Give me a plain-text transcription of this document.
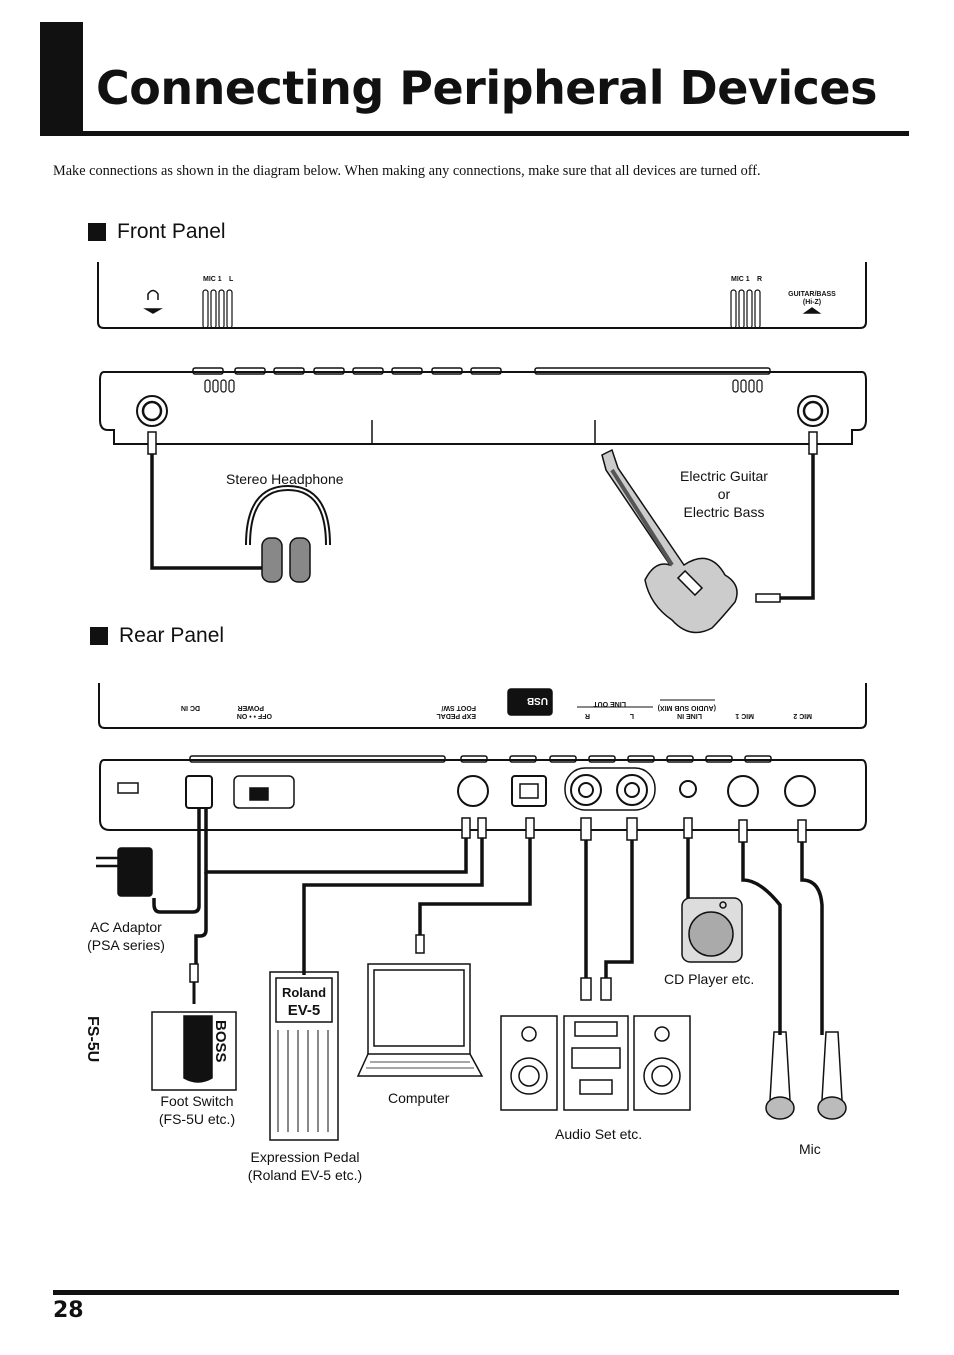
Connecting Peripheral Devices

Make connections as shown in the diagram below. When making any connections, make sure that all devices are turned off.

Front Panel
Rear Panel
MIC 1 L	MIC 1 R
GUITAR/BASS
(Hi-Z)
DC IN	POWER
OFF • • ON
FOOT SW/
EXP PEDAL
USB	LINE OUT
R	L	LINE IN
(AUDIO SUB MIX)
MIC 1	MIC 2
FS-5U	BOSS
Roland
EV-5
Stereo Headphone	Electric Guitar
or
Electric Bass
AC Adaptor
(PSA series)
Foot Switch
(FS-5U etc.)
Expression Pedal
(Roland EV-5 etc.)
Computer
Audio Set etc.
CD Player etc.
Mic
28
